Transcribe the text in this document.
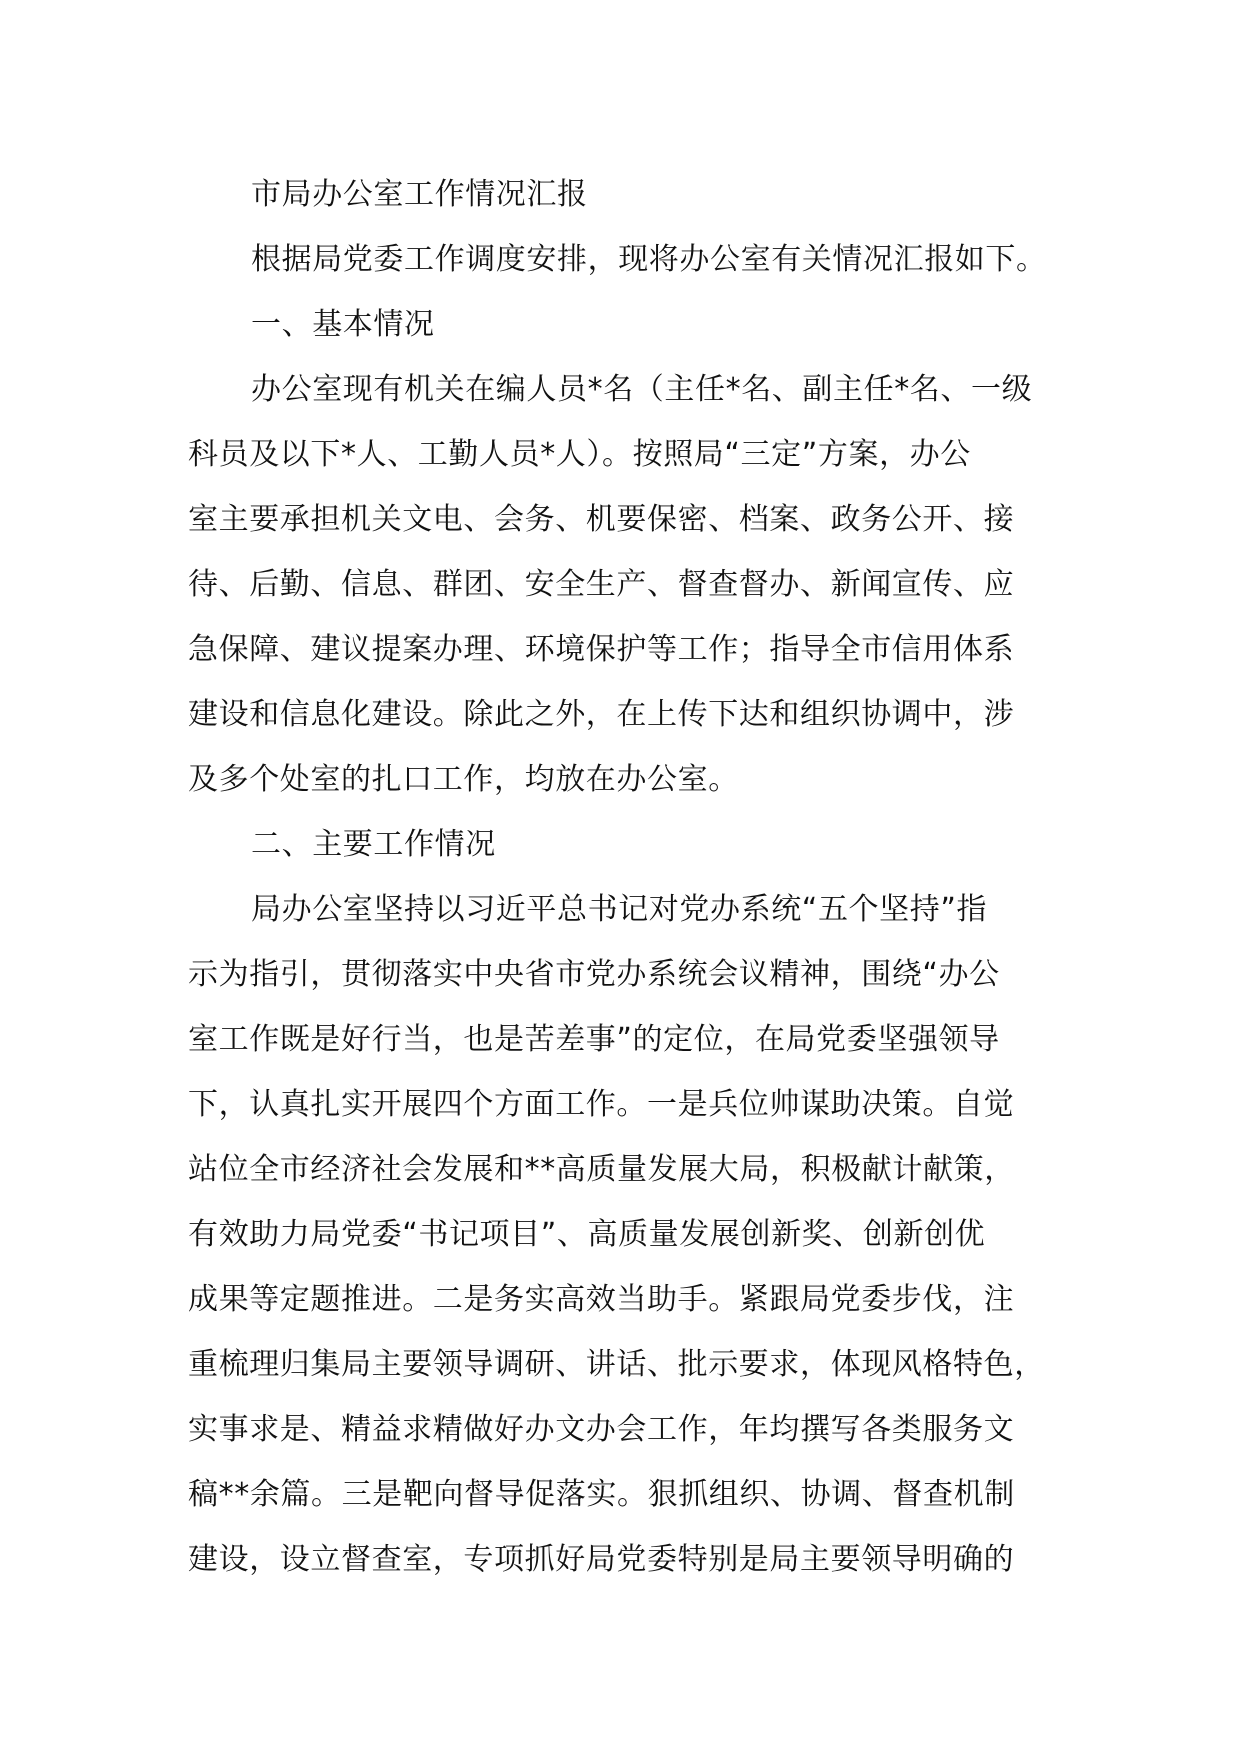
市局办公室工作情况汇报
根据局党委工作调度安排，现将办公室有关情况汇报如下。
一、基本情况
办公室现有机关在编人员*名（主任*名、副主任*名、一级
科员及以下*人、工勤人员*人）。按照局“三定”方案，办公
室主要承担机关文电、会务、机要保密、档案、政务公开、接
待、后勤、信息、群团、安全生产、督查督办、新闻宣传、应
急保障、建议提案办理、环境保护等工作；指导全市信用体系
建设和信息化建设。除此之外，在上传下达和组织协调中，涉
及多个处室的扎口工作，均放在办公室。
二、主要工作情况
局办公室坚持以习近平总书记对党办系统“五个坚持”指
示为指引，贯彻落实中央省市党办系统会议精神，围绕“办公
室工作既是好行当，也是苦差事”的定位，在局党委坚强领导
下，认真扎实开展四个方面工作。一是兵位帅谋助决策。自觉
站位全市经济社会发展和**高质量发展大局，积极献计献策，
有效助力局党委“书记项目”、高质量发展创新奖、创新创优
成果等定题推进。二是务实高效当助手。紧跟局党委步伐，注
重梳理归集局主要领导调研、讲话、批示要求，体现风格特色，
实事求是、精益求精做好办文办会工作，年均撰写各类服务文
稿**余篇。三是靶向督导促落实。狠抓组织、协调、督查机制
建设，设立督查室，专项抓好局党委特别是局主要领导明确的
